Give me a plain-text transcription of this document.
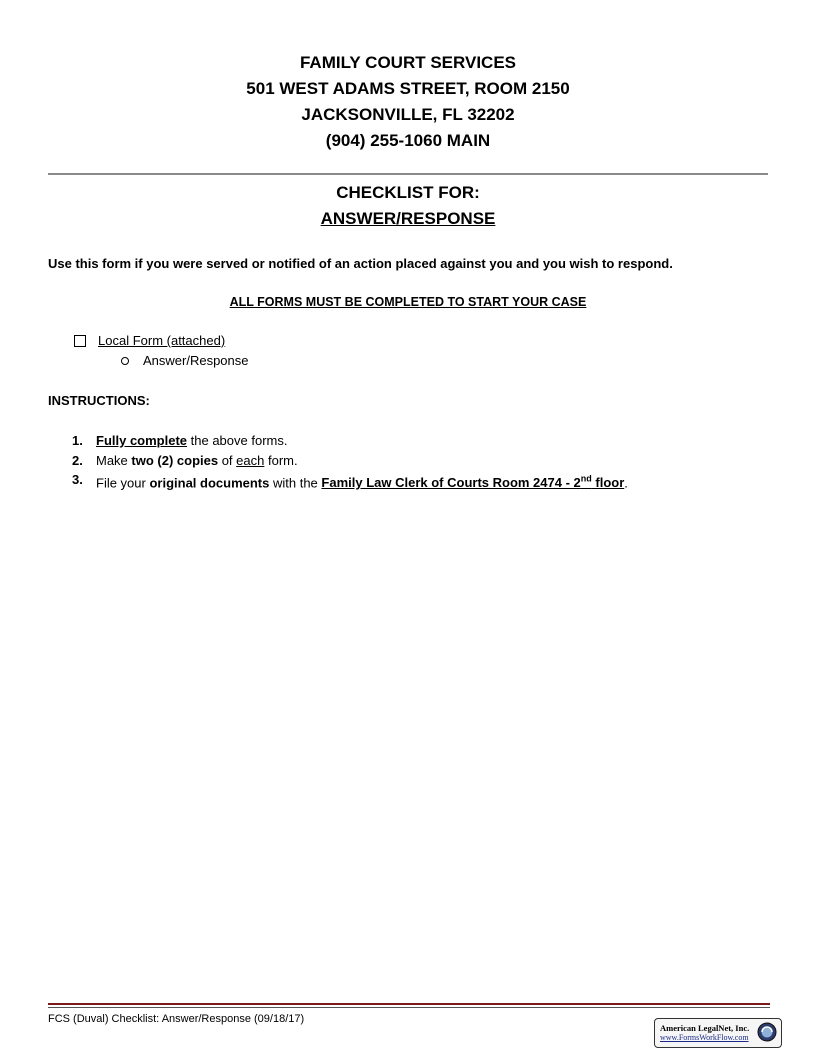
FAMILY COURT SERVICES
501 WEST ADAMS STREET, ROOM 2150
JACKSONVILLE, FL 32202
(904) 255-1060 MAIN
CHECKLIST FOR:
ANSWER/RESPONSE
Use this form if you were served or notified of an action placed against you and you wish to respond.
ALL FORMS MUST BE COMPLETED TO START YOUR CASE
Local Form (attached)
Answer/Response
INSTRUCTIONS:
1.	Fully complete the above forms.
2.	Make two (2) copies of each form.
3.	File your original documents with the Family Law Clerk of Courts Room 2474 - 2nd floor.
FCS (Duval) Checklist: Answer/Response (09/18/17)
American LegalNet, Inc.
www.FormsWorkFlow.com
